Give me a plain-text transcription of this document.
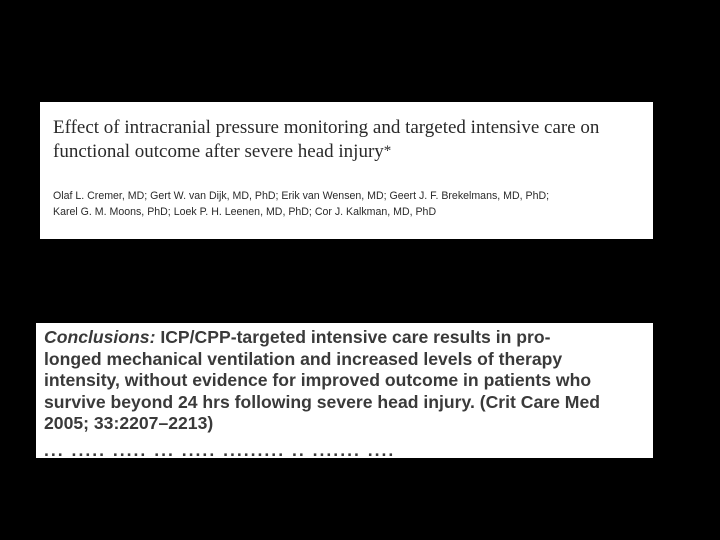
Effect of intracranial pressure monitoring and targeted intensive care on functional outcome after severe head injury*
Olaf L. Cremer, MD; Gert W. van Dijk, MD, PhD; Erik van Wensen, MD; Geert J. F. Brekelmans, MD, PhD;
Karel G. M. Moons, PhD; Loek P. H. Leenen, MD, PhD; Cor J. Kalkman, MD, PhD
Conclusions: ICP/CPP-targeted intensive care results in pro-
longed mechanical ventilation and increased levels of therapy
intensity, without evidence for improved outcome in patients who
survive beyond 24 hrs following severe head injury. (Crit Care Med
2005; 33:2207–2213)
... ..... ..... ... ..... ......... .. ....... ....
